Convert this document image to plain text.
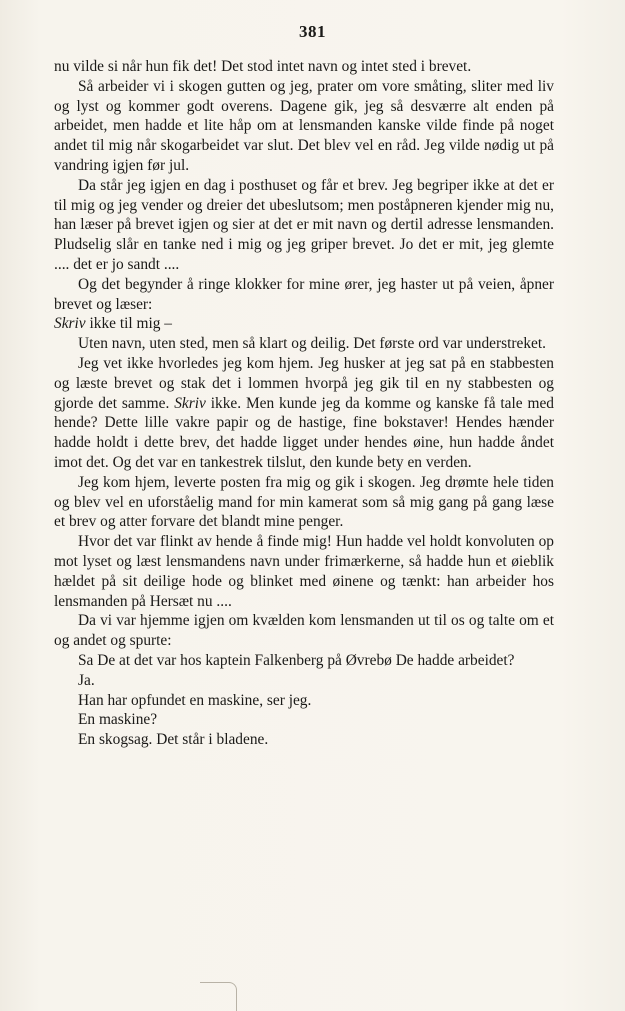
381

nu vilde si når hun fik det! Det stod intet navn og intet sted i brevet.

Så arbeider vi i skogen gutten og jeg, prater om vore småting, sliter med liv og lyst og kommer godt overens. Dagene gik, jeg så desværre alt enden på arbeidet, men hadde et lite håp om at lensmanden kanske vilde finde på noget andet til mig når skogarbeidet var slut. Det blev vel en råd. Jeg vilde nødig ut på vandring igjen før jul.

Da står jeg igjen en dag i posthuset og får et brev. Jeg begriper ikke at det er til mig og jeg vender og dreier det ubeslutsom; men poståpneren kjender mig nu, han læser på brevet igjen og sier at det er mit navn og dertil adresse lensmanden. Pludselig slår en tanke ned i mig og jeg griper brevet. Jo det er mit, jeg glemte .... det er jo sandt ....

Og det begynder å ringe klokker for mine ører, jeg haster ut på veien, åpner brevet og læser:

Skriv ikke til mig –

Uten navn, uten sted, men så klart og deilig. Det første ord var understreket.

Jeg vet ikke hvorledes jeg kom hjem. Jeg husker at jeg sat på en stabbesten og læste brevet og stak det i lommen hvorpå jeg gik til en ny stabbesten og gjorde det samme. Skriv ikke. Men kunde jeg da komme og kanske få tale med hende? Dette lille vakre papir og de hastige, fine bokstaver! Hendes hænder hadde holdt i dette brev, det hadde ligget under hendes øine, hun hadde åndet imot det. Og det var en tankestrek tilslut, den kunde bety en verden.

Jeg kom hjem, leverte posten fra mig og gik i skogen. Jeg drømte hele tiden og blev vel en uforståelig mand for min kamerat som så mig gang på gang læse et brev og atter forvare det blandt mine penger.

Hvor det var flinkt av hende å finde mig! Hun hadde vel holdt konvoluten op mot lyset og læst lensmandens navn under frimærkerne, så hadde hun et øieblik hældet på sit deilige hode og blinket med øinene og tænkt: han arbeider hos lensmanden på Hersæt nu ....

Da vi var hjemme igjen om kvælden kom lensmanden ut til os og talte om et og andet og spurte:

Sa De at det var hos kaptein Falkenberg på Øvrebø De hadde arbeidet?

Ja.

Han har opfundet en maskine, ser jeg.

En maskine?

En skogsag. Det står i bladene.
